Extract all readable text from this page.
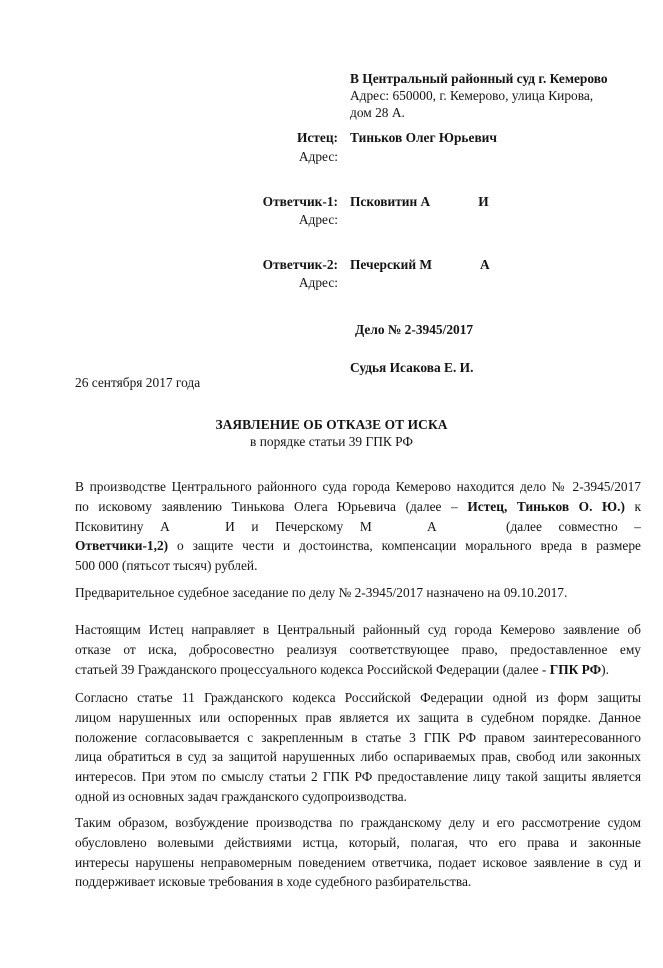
В Центральный районный суд г. Кемерово
Адрес: 650000, г. Кемерово, улица Кирова,
дом 28 А.
Истец: Тиньков Олег Юрьевич
Адрес:
Ответчик-1: Псковитин А	И
Адрес:
Ответчик-2: Печерский М	А
Адрес:
Дело № 2-3945/2017
Судья Исакова Е. И.
26 сентября 2017 года
ЗАЯВЛЕНИЕ ОБ ОТКАЗЕ ОТ ИСКА
в порядке статьи 39 ГПК РФ
В производстве Центрального районного суда города Кемерово находится дело № 2-3945/2017
по исковому заявлению Тинькова Олега Юрьевича (далее – Истец, Тиньков О. Ю.) к
Псковитину А	И и Печерскому М	А	(далее совместно –
Ответчики-1,2) о защите чести и достоинства, компенсации морального вреда в размере
500 000 (пятьсот тысяч) рублей.
Предварительное судебное заседание по делу № 2-3945/2017 назначено на 09.10.2017.
Настоящим Истец направляет в Центральный районный суд города Кемерово заявление об
отказе от иска, добросовестно реализуя соответствующее право, предоставленное ему
статьей 39 Гражданского процессуального кодекса Российской Федерации (далее - ГПК РФ).
Согласно статье 11 Гражданского кодекса Российской Федерации одной из форм защиты
лицом нарушенных или оспоренных прав является их защита в судебном порядке. Данное
положение согласовывается с закрепленным в статье 3 ГПК РФ правом заинтересованного
лица обратиться в суд за защитой нарушенных либо оспариваемых прав, свобод или законных
интересов. При этом по смыслу статьи 2 ГПК РФ предоставление лицу такой защиты является
одной из основных задач гражданского судопроизводства.
Таким образом, возбуждение производства по гражданскому делу и его рассмотрение судом
обусловлено волевыми действиями истца, который, полагая, что его права и законные
интересы нарушены неправомерным поведением ответчика, подает исковое заявление в суд и
поддерживает исковые требования в ходе судебного разбирательства.
